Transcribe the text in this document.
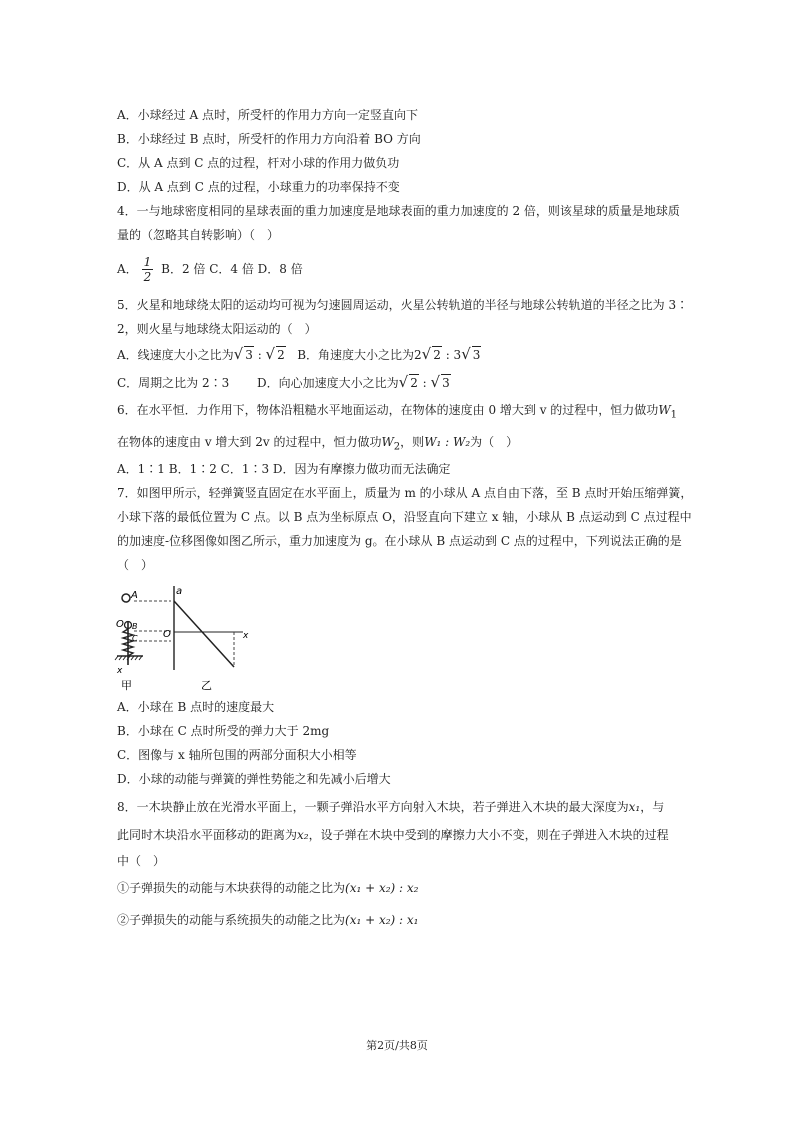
A．小球经过 A 点时，所受杆的作用力方向一定竖直向下
B．小球经过 B 点时，所受杆的作用力方向沿着 BO 方向
C．从 A 点到 C 点的过程，杆对小球的作用力做负功
D．从 A 点到 C 点的过程，小球重力的功率保持不变
4．一与地球密度相同的星球表面的重力加速度是地球表面的重力加速度的 2 倍，则该星球的质量是地球质
量的（忽略其自转影响）（　）
A． $\frac{1}{2}$ B．2 倍 C．4 倍 D．8 倍
5．火星和地球绕太阳的运动均可视为匀速圆周运动，火星公转轨道的半径与地球公转轨道的半径之比为 3∶
2，则火星与地球绕太阳运动的（　）
A．线速度大小之比为√ 3 : √ 2 B．角速度大小之比为2√ 2 : 3√ 3
C．周期之比为 2∶3 D．向心加速度大小之比为√ 2 : √ 3
6．在水平恒．力作用下，物体沿粗糙水平地面运动，在物体的速度由 0 增大到 v 的过程中，恒力做功$W_1$
在物体的速度由 v 增大到 2v 的过程中，恒力做功$W_2$，则W₁ : W₂为（　）
A．1∶1 B．1∶2 C．1∶3 D．因为有摩擦力做功而无法确定
7．如图甲所示，轻弹簧竖直固定在水平面上，质量为 m 的小球从 A 点自由下落，至 B 点时开始压缩弹簧，
小球下落的最低位置为 C 点。以 B 点为坐标原点 O，沿竖直向下建立 x 轴，小球从 B 点运动到 C 点过程中
的加速度-位移图像如图乙所示，重力加速度为 g。在小球从 B 点运动到 C 点的过程中，下列说法正确的是
（　）
A
O B
C
x
甲
a
O	x
乙
A．小球在 B 点时的速度最大
B．小球在 C 点时所受的弹力大于 2mg
C．图像与 x 轴所包围的两部分面积大小相等
D．小球的动能与弹簧的弹性势能之和先减小后增大
8．一木块静止放在光滑水平面上，一颗子弹沿水平方向射入木块，若子弹进入木块的最大深度为x₁，与
此同时木块沿水平面移动的距离为x₂，设子弹在木块中受到的摩擦力大小不变，则在子弹进入木块的过程
中（　）
①子弹损失的动能与木块获得的动能之比为(x₁ + x₂) : x₂
②子弹损失的动能与系统损失的动能之比为(x₁ + x₂) : x₁
第2页/共8页
